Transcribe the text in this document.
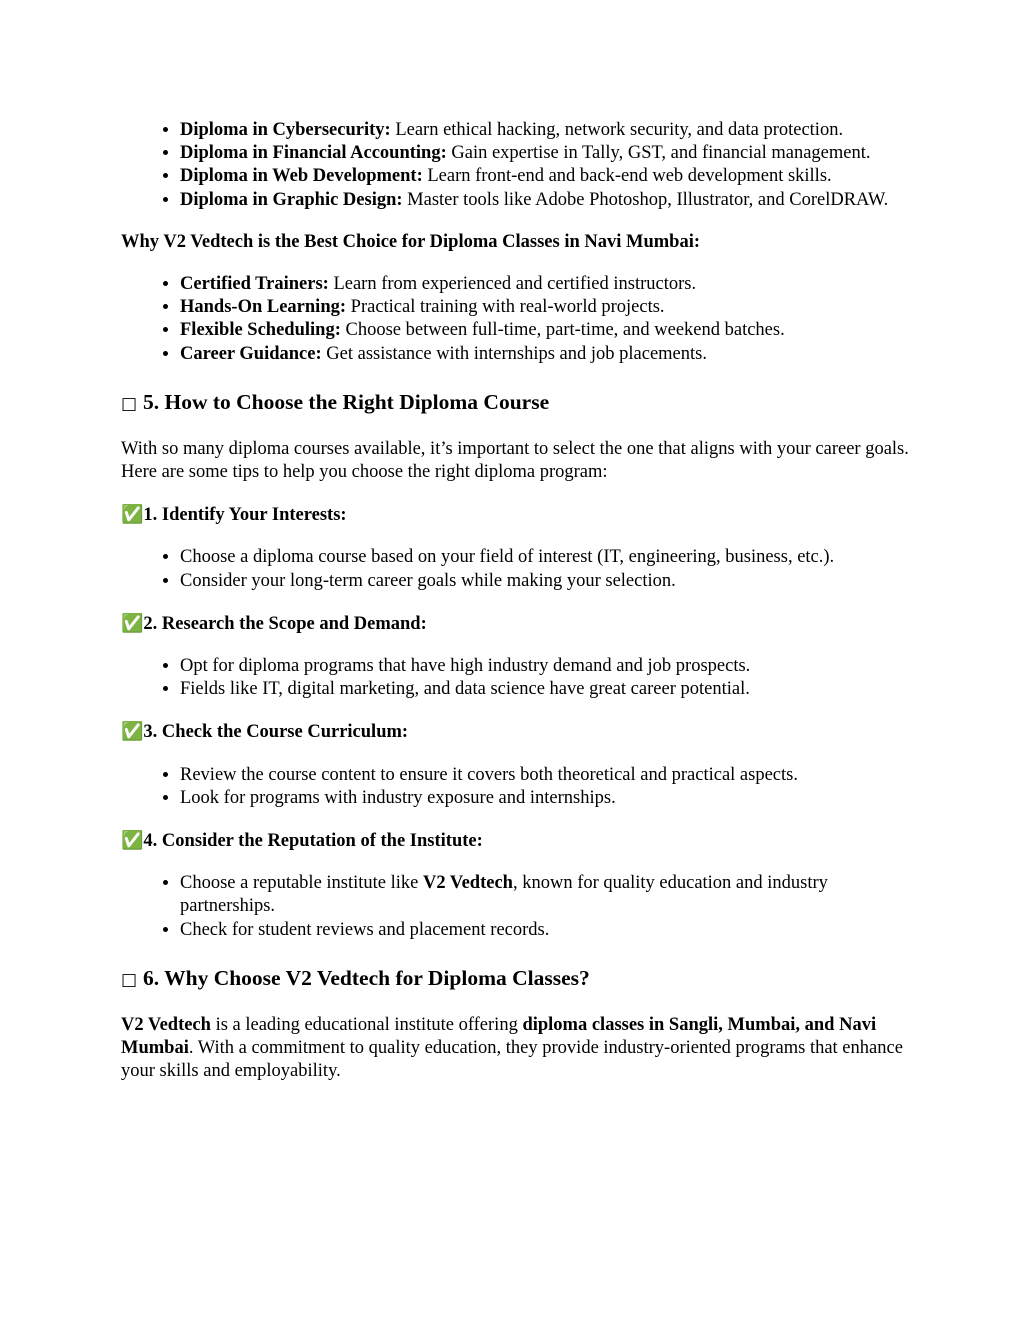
• Diploma in Cybersecurity: Learn ethical hacking, network security, and data protection.
• Diploma in Financial Accounting: Gain expertise in Tally, GST, and financial management.
• Diploma in Web Development: Learn front-end and back-end web development skills.
• Diploma in Graphic Design: Master tools like Adobe Photoshop, Illustrator, and CorelDRAW.

Why V2 Vedtech is the Best Choice for Diploma Classes in Navi Mumbai:

• Certified Trainers: Learn from experienced and certified instructors.
• Hands-On Learning: Practical training with real-world projects.
• Flexible Scheduling: Choose between full-time, part-time, and weekend batches.
• Career Guidance: Get assistance with internships and job placements.
□ 5. How to Choose the Right Diploma Course

With so many diploma courses available, it’s important to select the one that aligns with your career goals. Here are some tips to help you choose the right diploma program:

✅1. Identify Your Interests:

• Choose a diploma course based on your field of interest (IT, engineering, business, etc.).
• Consider your long-term career goals while making your selection.

✅2. Research the Scope and Demand:

• Opt for diploma programs that have high industry demand and job prospects.
• Fields like IT, digital marketing, and data science have great career potential.

✅3. Check the Course Curriculum:

• Review the course content to ensure it covers both theoretical and practical aspects.
• Look for programs with industry exposure and internships.

✅4. Consider the Reputation of the Institute:

• Choose a reputable institute like V2 Vedtech, known for quality education and industry partnerships.
• Check for student reviews and placement records.
□ 6. Why Choose V2 Vedtech for Diploma Classes?

V2 Vedtech is a leading educational institute offering diploma classes in Sangli, Mumbai, and Navi Mumbai. With a commitment to quality education, they provide industry-oriented programs that enhance your skills and employability.
